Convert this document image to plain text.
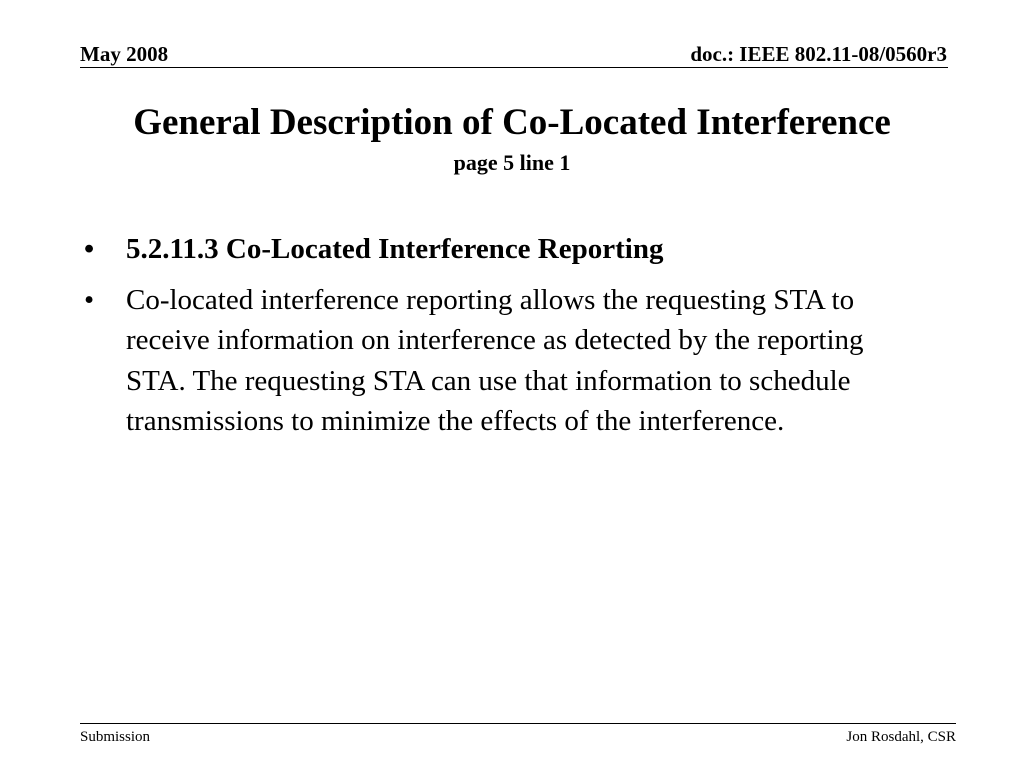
May 2008	doc.: IEEE 802.11-08/0560r3
General Description of Co-Located Interference
page 5 line 1
•	5.2.11.3 Co-Located Interference Reporting
•	Co-located interference reporting allows the requesting STA to receive information on interference as detected by the reporting STA. The requesting STA can use that information to schedule transmissions to minimize the effects of the interference.
Submission	Jon Rosdahl, CSR
